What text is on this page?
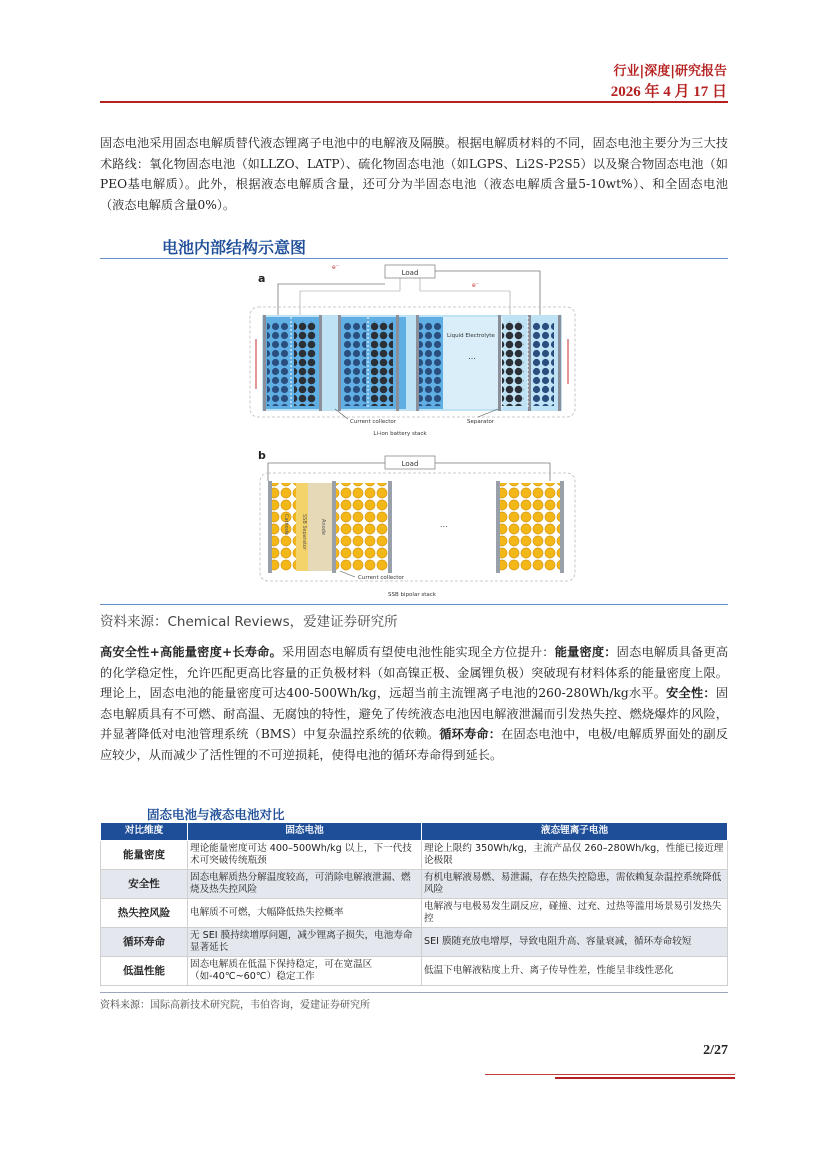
行业|深度|研究报告
2026 年 4 月 17 日
固态电池采用固态电解质替代液态锂离子电池中的电解液及隔膜。根据电解质材料的不同，固态电池主要分为三大技术路线：氧化物固态电池（如LLZO、LATP）、硫化物固态电池（如LGPS、Li2S-P2S5）以及聚合物固态电池（如PEO基电解质）。此外，根据液态电解质含量，还可分为半固态电池（液态电解质含量5-10wt%）、和全固态电池（液态电解质含量0%）。
电池内部结构示意图
a	Load
e⁻
e⁻
Liquid Electrolyte
…
Current collector	Separator
Li-ion battery stack
b
Load
SSB Separator	Anode
Cathode	...
Current collector
SSB bipolar stack
资料来源：Chemical Reviews，爱建证券研究所
高安全性+高能量密度+长寿命。采用固态电解质有望使电池性能实现全方位提升：能量密度：固态电解质具备更高的化学稳定性，允许匹配更高比容量的正负极材料（如高镍正极、金属锂负极）突破现有材料体系的能量密度上限。理论上，固态电池的能量密度可达400-500Wh/kg，远超当前主流锂离子电池的260-280Wh/kg水平。安全性：固态电解质具有不可燃、耐高温、无腐蚀的特性，避免了传统液态电池因电解液泄漏而引发热失控、燃烧爆炸的风险，并显著降低对电池管理系统（BMS）中复杂温控系统的依赖。循环寿命：在固态电池中，电极/电解质界面处的副反应较少，从而减少了活性锂的不可逆损耗，使得电池的循环寿命得到延长。
固态电池与液态电池对比
对比维度	固态电池	液态锂离子电池
能量密度	理论能量密度可达 400–500Wh/kg 以上，下一代技术可突破传统瓶颈	理论上限约 350Wh/kg，主流产品仅 260–280Wh/kg，性能已接近理论极限
安全性	固态电解质热分解温度较高，可消除电解液泄漏、燃烧及热失控风险	有机电解液易燃、易泄漏，存在热失控隐患，需依赖复杂温控系统降低风险
热失控风险	电解质不可燃，大幅降低热失控概率	电解液与电极易发生副反应，碰撞、过充、过热等滥用场景易引发热失控
循环寿命	无 SEI 膜持续增厚问题，减少锂离子损失，电池寿命显著延长	SEI 膜随充放电增厚，导致电阻升高、容量衰减，循环寿命较短
低温性能	固态电解质在低温下保持稳定，可在宽温区（如-40℃~60℃）稳定工作	低温下电解液粘度上升、离子传导性差，性能呈非线性恶化
资料来源：国际高新技术研究院，韦伯咨询，爱建证券研究所
2/27
